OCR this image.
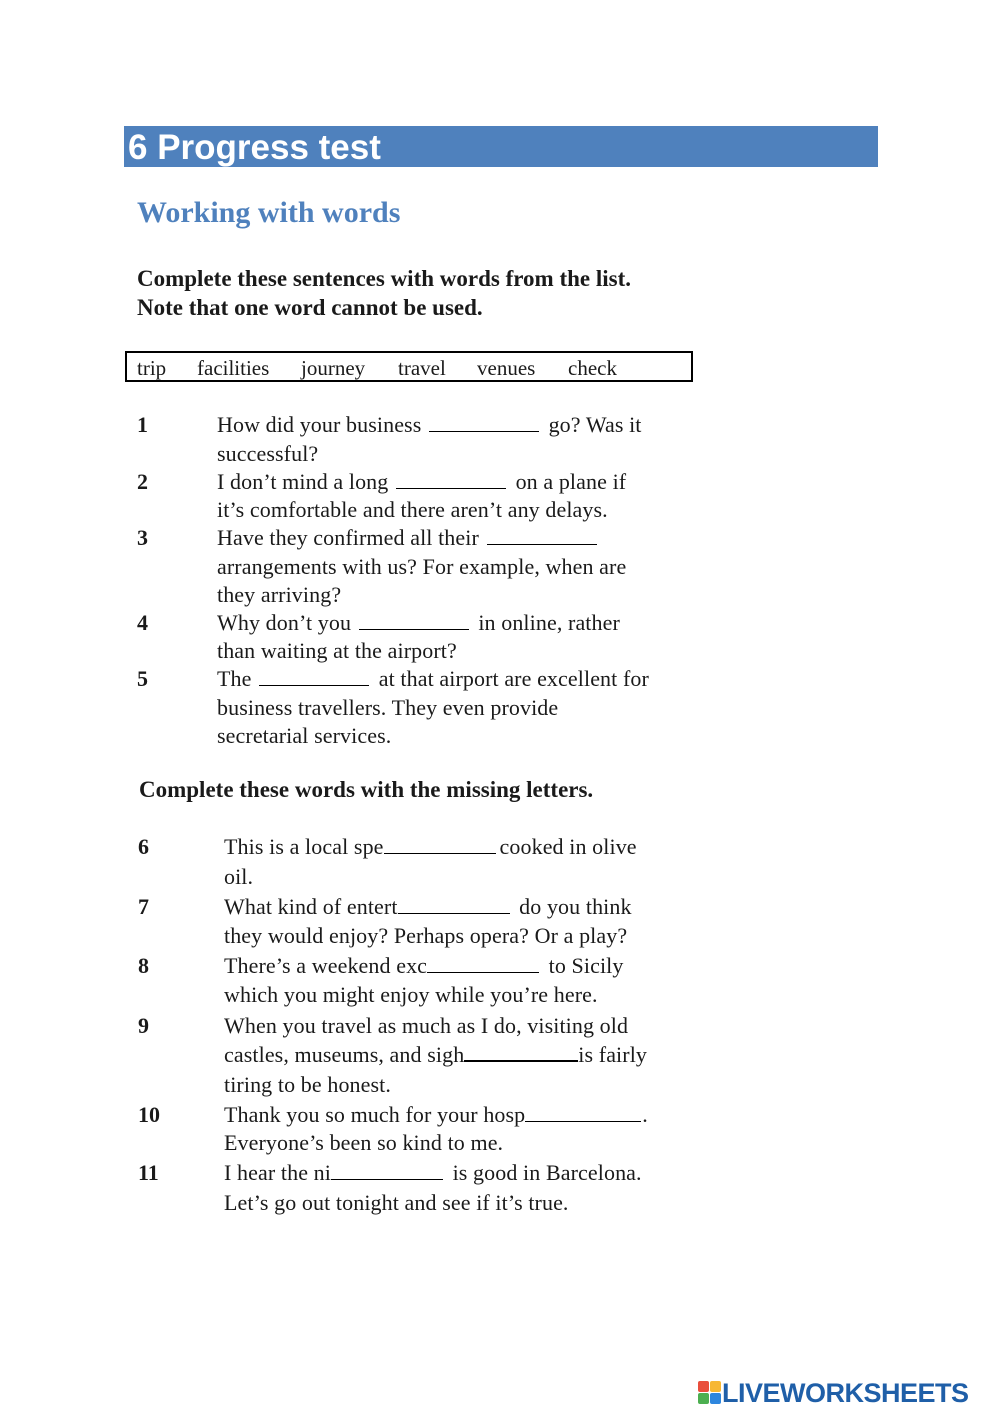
6 Progress test
Working with words
Complete these sentences with words from the list.
Note that one word cannot be used.
trip facilities journey travel venues check
1	How did your business	go? Was it
successful?
2	I don’t mind a long	on a plane if
it’s comfortable and there aren’t any delays.
3	Have they confirmed all their
arrangements with us? For example, when are
they arriving?
4	Why don’t you	in online, rather
than waiting at the airport?
5	The	at that airport are excellent for
business travellers. They even provide
secretarial services.
Complete these words with the missing letters.
6	This is a local spe	cooked in olive
oil.
7	What kind of entert	do you think
they would enjoy? Perhaps opera? Or a play?
8	There’s a weekend exc	to Sicily
which you might enjoy while you’re here.
9	When you travel as much as I do, visiting old
castles, museums, and sigh	is fairly
tiring to be honest.
10	Thank you so much for your hosp	.
Everyone’s been so kind to me.
11	I hear the ni	is good in Barcelona.
Let’s go out tonight and see if it’s true.
LIVEWORKSHEETS
